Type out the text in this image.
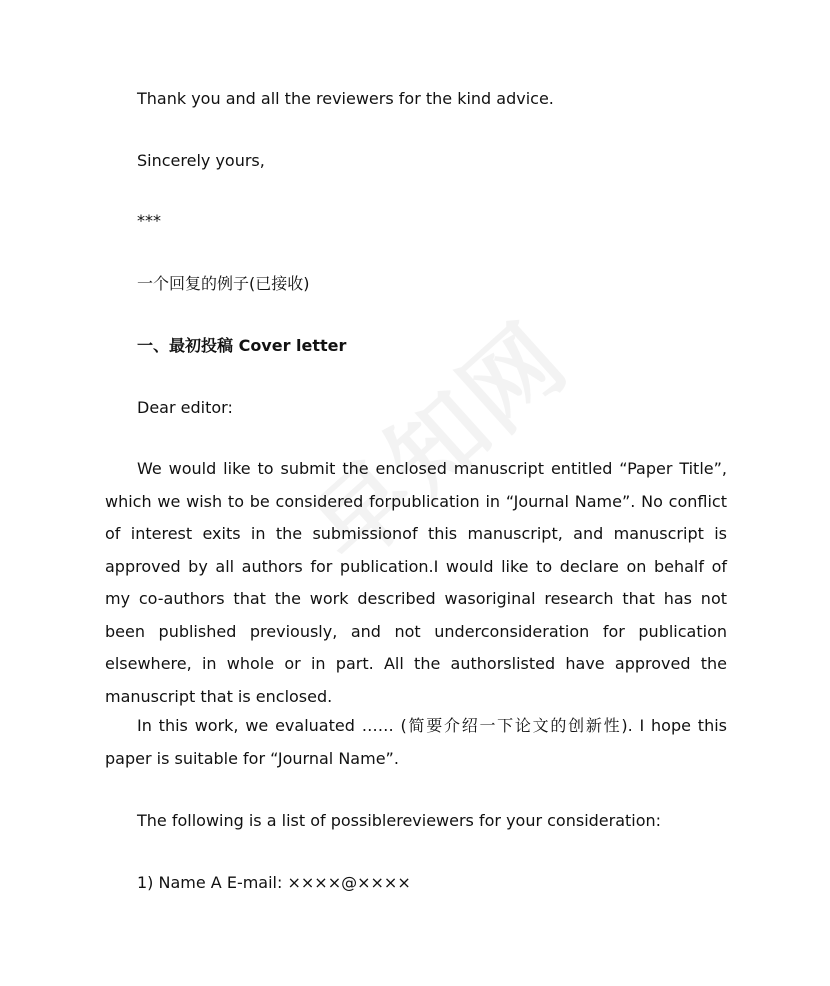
Thank you and all the reviewers for the kind advice.

Sincerely yours,

***

一个回复的例子(已接收)

一、最初投稿 Cover letter

Dear editor:

We would like to submit the enclosed manuscript entitled “Paper Title”, which we wish to be considered forpublication in “Journal Name”. No conflict of interest exits in the submissionof this manuscript, and manuscript is approved by all authors for publication.I would like to declare on behalf of my co-authors that the work described wasoriginal research that has not been published previously, and not underconsideration for publication elsewhere, in whole or in part. All the authorslisted have approved the manuscript that is enclosed.

In this work, we evaluated …… (简要介绍一下论文的创新性). I hope this paper is suitable for “Journal Name”.

The following is a list of possiblereviewers for your consideration:

1) Name A E-mail: ××××@××××
